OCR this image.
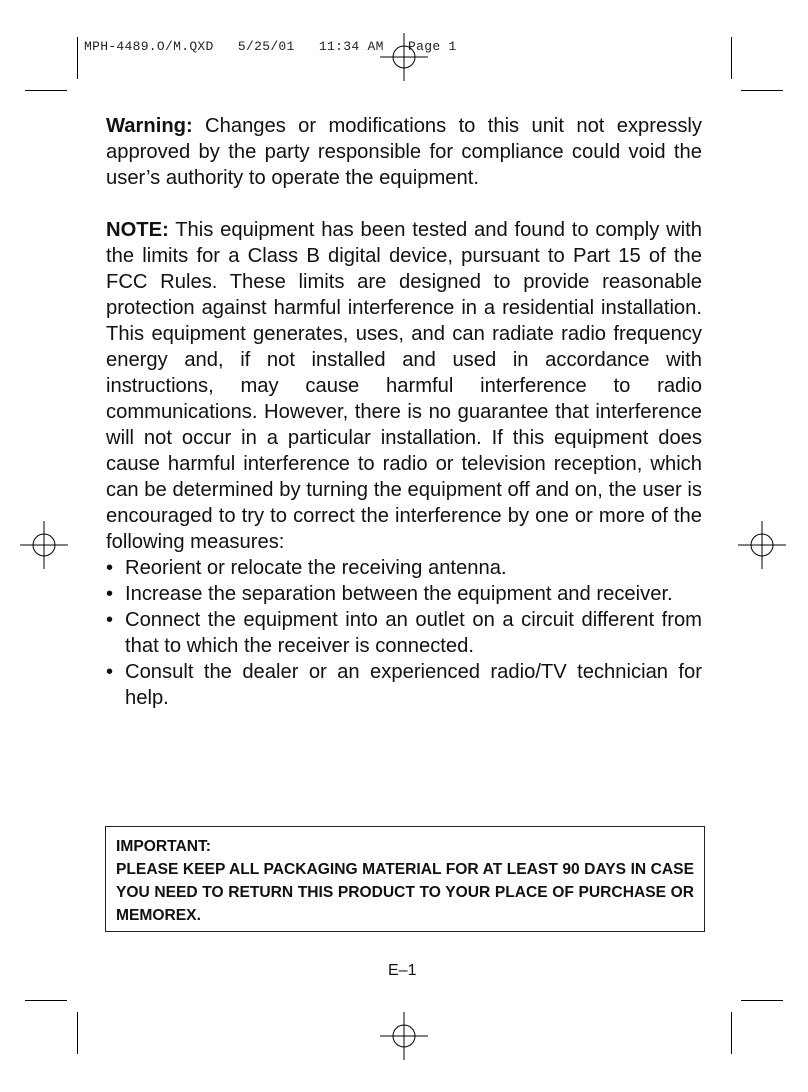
MPH-4489.O/M.QXD   5/25/01   11:34 AM   Page 1

Warning: Changes or modifications to this unit not expressly approved by the party responsible for compliance could void the user’s authority to operate the equipment.

NOTE: This equipment has been tested and found to comply with the limits for a Class B digital device, pursuant to Part 15 of the FCC Rules. These limits are designed to provide reasonable protection against harmful interference in a residential installation. This equipment generates, uses, and can radiate radio frequency energy and, if not installed and used in accordance with instructions, may cause harmful interference to radio communications. However, there is no guarantee that interference will not occur in a particular installation. If this equipment does cause harmful interference to radio or television reception, which can be determined by turning the equipment off and on, the user is encouraged to try to correct the interference by one or more of the following measures:

• Reorient or relocate the receiving antenna.
• Increase the separation between the equipment and receiver.
• Connect the equipment into an outlet on a circuit different from that to which the receiver is connected.
• Consult the dealer or an experienced radio/TV technician for help.
IMPORTANT:
PLEASE KEEP ALL PACKAGING MATERIAL FOR AT LEAST 90 DAYS IN CASE YOU NEED TO RETURN THIS PRODUCT TO YOUR PLACE OF PURCHASE OR MEMOREX.
E–1
